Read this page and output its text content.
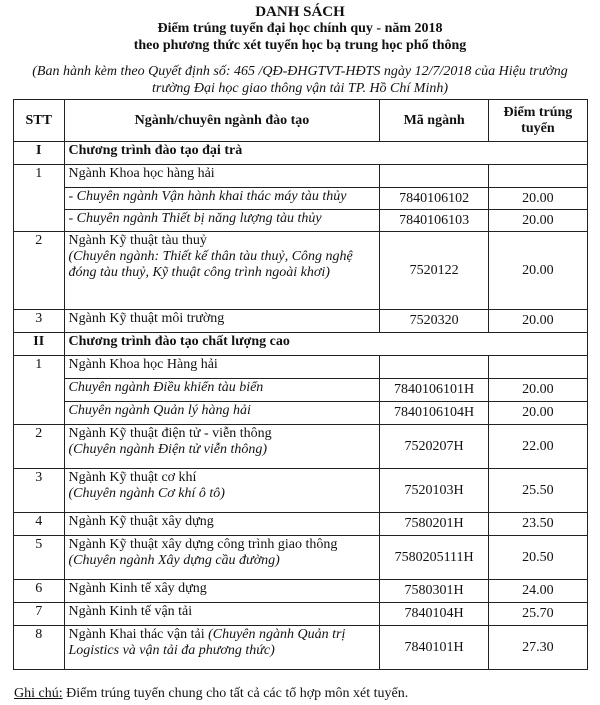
DANH SÁCH
Điểm trúng tuyển đại học chính quy - năm 2018
theo phương thức xét tuyển học bạ trung học phổ thông
(Ban hành kèm theo Quyết định số: 465 /QĐ-ĐHGTVT-HĐTS ngày 12/7/2018 của Hiệu trưởng trường Đại học giao thông vận tải TP. Hồ Chí Minh)
STT	Ngành/chuyên ngành đào tạo	Mã ngành	Điểm trúng tuyển
I	Chương trình đào tạo đại trà		
1	Ngành Khoa học hàng hải		
	- Chuyên ngành Vận hành khai thác máy tàu thủy	7840106102	20.00
	- Chuyên ngành Thiết bị năng lượng tàu thủy	7840106103	20.00
2	Ngành Kỹ thuật tàu thuỷ
(Chuyên ngành: Thiết kế thân tàu thuỷ, Công nghệ đóng tàu thuỷ, Kỹ thuật công trình ngoài khơi)	7520122	20.00
3	Ngành Kỹ thuật môi trường	7520320	20.00
II	Chương trình đào tạo chất lượng cao		
1	Ngành Khoa học Hàng hải		
	Chuyên ngành Điều khiển tàu biển	7840106101H	20.00
	Chuyên ngành Quản lý hàng hải	7840106104H	20.00
2	Ngành Kỹ thuật điện tử - viễn thông
(Chuyên ngành Điện tử viễn thông)	7520207H	22.00
3	Ngành Kỹ thuật cơ khí
(Chuyên ngành Cơ khí ô tô)	7520103H	25.50
4	Ngành Kỹ thuật xây dựng	7580201H	23.50
5	Ngành Kỹ thuật xây dựng công trình giao thông
(Chuyên ngành Xây dựng cầu đường)	7580205111H	20.50
6	Ngành Kinh tế xây dựng	7580301H	24.00
7	Ngành Kinh tế vận tải	7840104H	25.70
8	Ngành Khai thác vận tải (Chuyên ngành Quản trị Logistics và vận tải đa phương thức)	7840101H	27.30
Ghi chú: Điểm trúng tuyển chung cho tất cả các tổ hợp môn xét tuyển.
